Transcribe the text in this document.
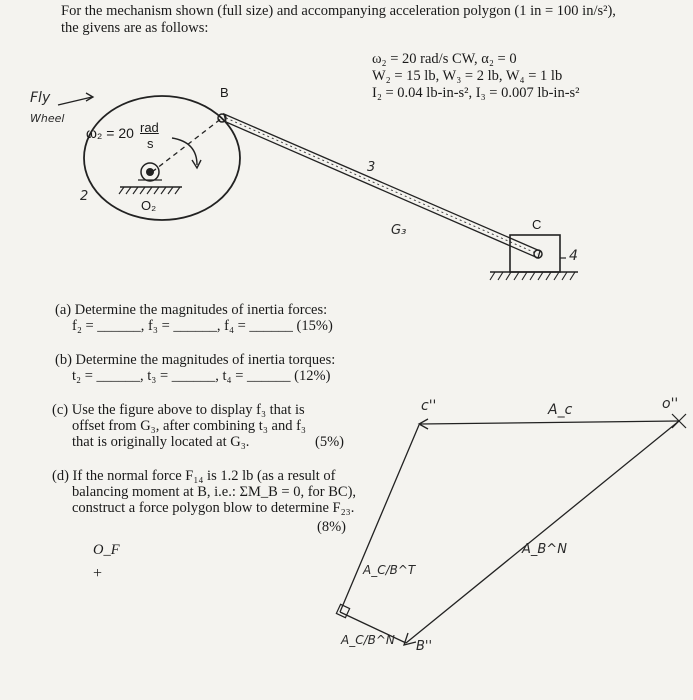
For the mechanism shown (full size) and accompanying acceleration polygon (1 in = 100 in/s²),
the givens are as follows:
ω₂ = 20 rad/s CW, α₂ = 0
W₂ = 15 lb, W₃ = 2 lb, W₄ = 1 lb
I₂ = 0.04 lb-in-s², I₃ = 0.007 lb-in-s²
Fly
Wheel
ω₂ = 20 rad
s
2
O₂
B
3
G₃	C
4
(a) Determine the magnitudes of inertia forces:
f₂ = ______, f₃ = ______, f₄ = ______ (15%)
(b) Determine the magnitudes of inertia torques:
t₂ = ______, t₃ = ______, t₄ = ______ (12%)
(c) Use the figure above to display f₃ that is
offset from G₃, after combining t₃ and f₃
that is originally located at G₃.	(5%)
(d) If the normal force F₁₄ is 1.2 lb (as a result of
balancing moment at B, i.e.: ΣM_B = 0, for BC),
construct a force polygon blow to determine F₂₃.
(8%)
O_F
+
o''
c''	A_c
A_B^N
A_C/B^T
A_C/B^N B''
